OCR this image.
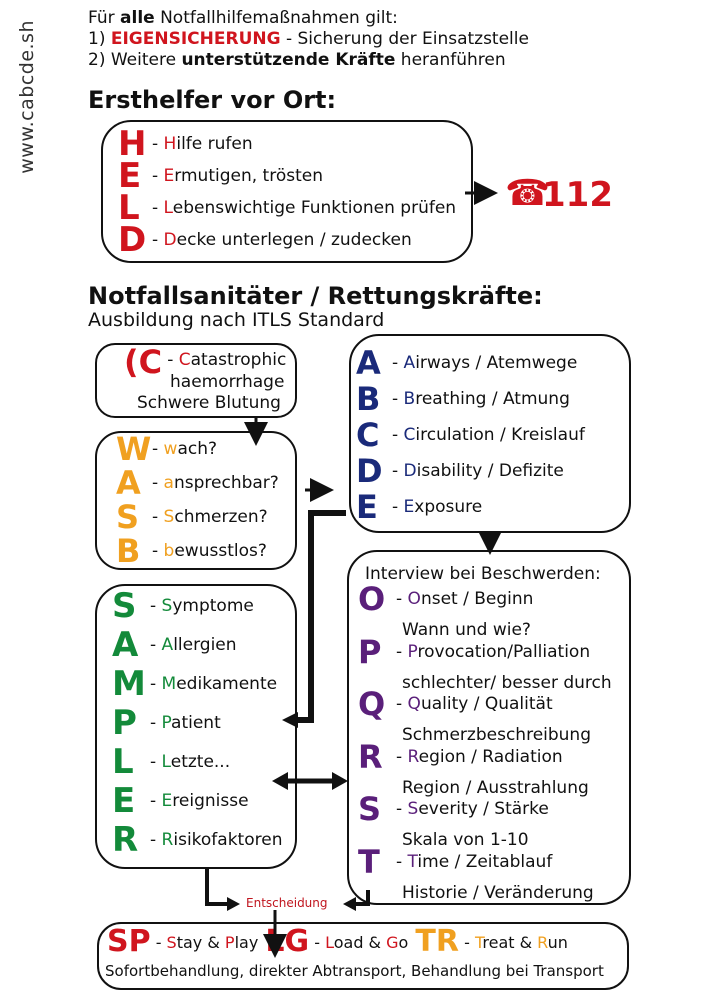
www.cabcde.sh
Für alle Notfallhilfemaßnahmen gilt:
1) EIGENSICHERUNG - Sicherung der Einsatzstelle
2) Weitere unterstützende Kräfte heranführen
Ersthelfer vor Ort:
H - Hilfe rufen
E - Ermutigen, trösten
L - Lebenswichtige Funktionen prüfen
D - Decke unterlegen / zudecken
☎
112
Notfallsanitäter / Rettungskräfte:
Ausbildung nach ITLS Standard
(C - Catastrophic
haemorrhage
Schwere Blutung
W- wach?
A - ansprechbar?
S - Schmerzen?
B - bewusstlos?
A - Airways / Atemwege
B - Breathing / Atmung
C - Circulation / Kreislauf
D - Disability / Defizite
E - Exposure
S - Symptome
A - Allergien
M - Medikamente
P - Patient
L - Letzte...
E - Ereignisse
R - Risikofaktoren
Interview bei Beschwerden:
O - Onset / Beginn
Wann und wie?
P - Provocation/Palliation
schlechter/ besser durch
Q - Quality / Qualität
Schmerzbeschreibung
R - Region / Radiation
Region / Ausstrahlung
S - Severity / Stärke
Skala von 1-10
T - Time / Zeitablauf
Historie / Veränderung
Entscheidung
SP - Stay & Play LG - Load & Go TR - Treat & Run
Sofortbehandlung, direkter Abtransport, Behandlung bei Transport
